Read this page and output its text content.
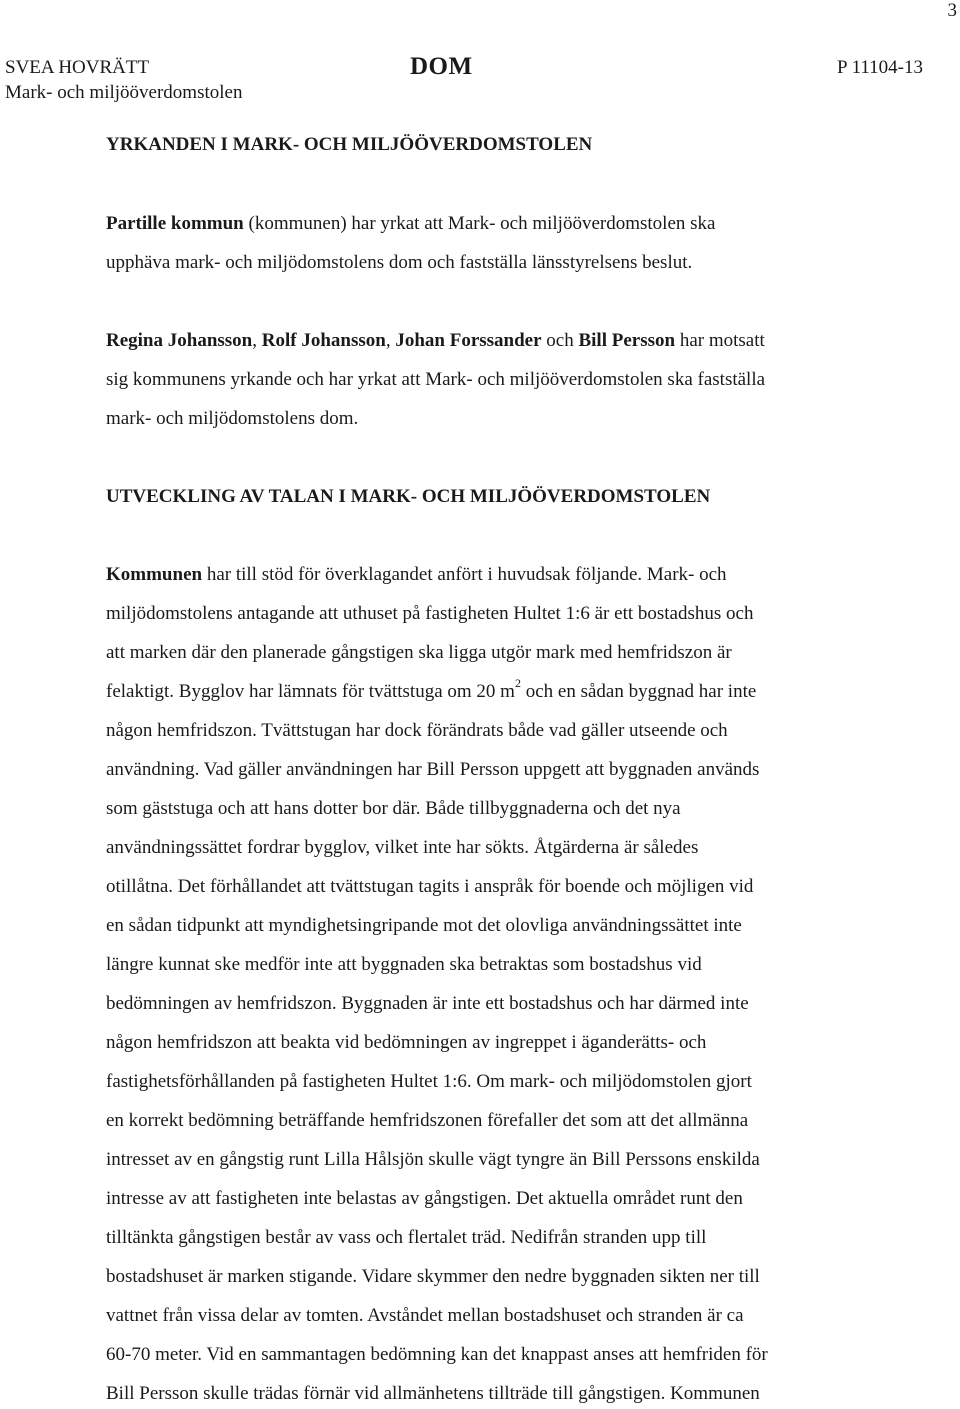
3
SVEA HOVRÄTT
Mark- och miljööverdomstolen
DOM	P 11104-13
YRKANDEN I MARK- OCH MILJÖÖVERDOMSTOLEN
Partille kommun (kommunen) har yrkat att Mark- och miljööverdomstolen ska
upphäva mark- och miljödomstolens dom och fastställa länsstyrelsens beslut.
Regina Johansson, Rolf Johansson, Johan Forssander och Bill Persson har motsatt
sig kommunens yrkande och har yrkat att Mark- och miljööverdomstolen ska fastställa
mark- och miljödomstolens dom.
UTVECKLING AV TALAN I MARK- OCH MILJÖÖVERDOMSTOLEN
Kommunen har till stöd för överklagandet anfört i huvudsak följande. Mark- och
miljödomstolens antagande att uthuset på fastigheten Hultet 1:6 är ett bostadshus och
att marken där den planerade gångstigen ska ligga utgör mark med hemfridszon är
felaktigt. Bygglov har lämnats för tvättstuga om 20 $m^2$ och en sådan byggnad har inte
någon hemfridszon. Tvättstugan har dock förändrats både vad gäller utseende och
användning. Vad gäller användningen har Bill Persson uppgett att byggnaden används
som gäststuga och att hans dotter bor där. Både tillbyggnaderna och det nya
användningssättet fordrar bygglov, vilket inte har sökts. Åtgärderna är således
otillåtna. Det förhållandet att tvättstugan tagits i anspråk för boende och möjligen vid
en sådan tidpunkt att myndighetsingripande mot det olovliga användningssättet inte
längre kunnat ske medför inte att byggnaden ska betraktas som bostadshus vid
bedömningen av hemfridszon. Byggnaden är inte ett bostadshus och har därmed inte
någon hemfridszon att beakta vid bedömningen av ingreppet i äganderätts- och
fastighetsförhållanden på fastigheten Hultet 1:6. Om mark- och miljödomstolen gjort
en korrekt bedömning beträffande hemfridszonen förefaller det som att det allmänna
intresset av en gångstig runt Lilla Hålsjön skulle vägt tyngre än Bill Perssons enskilda
intresse av att fastigheten inte belastas av gångstigen. Det aktuella området runt den
tilltänkta gångstigen består av vass och flertalet träd. Nedifrån stranden upp till
bostadshuset är marken stigande. Vidare skymmer den nedre byggnaden sikten ner till
vattnet från vissa delar av tomten. Avståndet mellan bostadshuset och stranden är ca
60-70 meter. Vid en sammantagen bedömning kan det knappast anses att hemfriden för
Bill Persson skulle trädas förnär vid allmänhetens tillträde till gångstigen. Kommunen
